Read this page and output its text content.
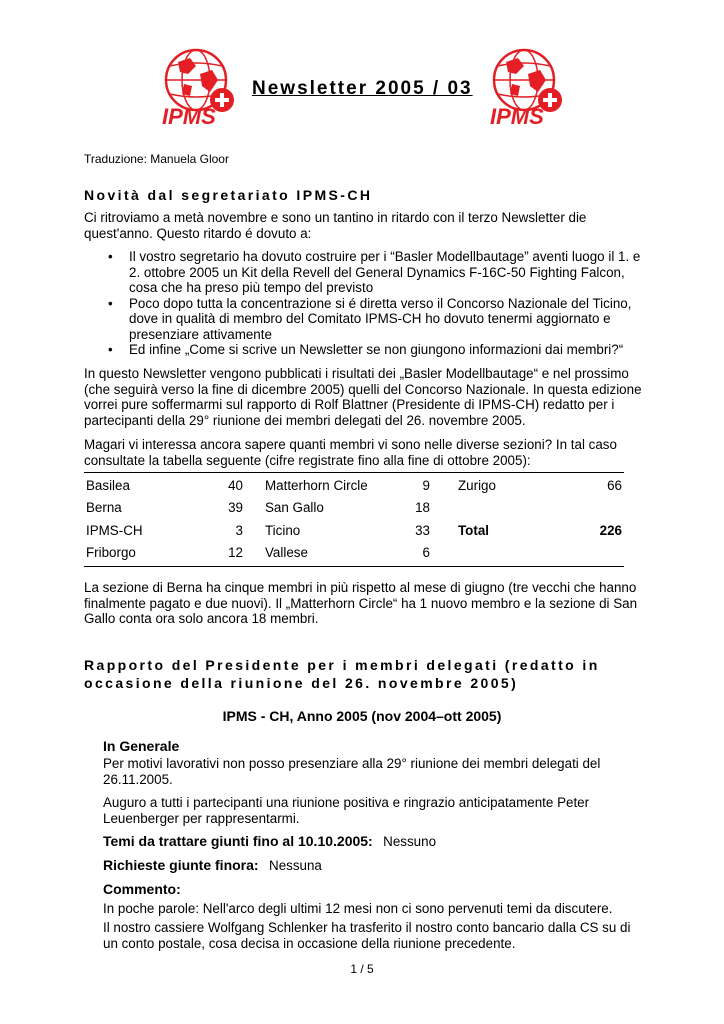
IPMS	IPMS
Newsletter 2005 / 03
Traduzione: Manuela Gloor
Novità dal segretariato IPMS-CH
Ci ritroviamo a metà novembre e sono un tantino in ritardo con il terzo Newsletter die quest'anno. Questo ritardo é dovuto a:
• Il vostro segretario ha dovuto costruire per i “Basler Modellbautage” aventi luogo il 1. e 2. ottobre 2005 un Kit della Revell del General Dynamics F-16C-50 Fighting Falcon, cosa che ha preso più tempo del previsto
• Poco dopo tutta la concentrazione si é diretta verso il Concorso Nazionale del Ticino, dove in qualità di membro del Comitato IPMS-CH ho dovuto tenermi aggiornato e presenziare attivamente
• Ed infine „Come si scrive un Newsletter se non giungono informazioni dai membri?“
In questo Newsletter vengono pubblicati i risultati dei „Basler Modellbautage“ e nel prossimo (che seguirà verso la fine di dicembre 2005) quelli del Concorso Nazionale. In questa edizione vorrei pure soffermarmi sul rapporto di Rolf Blattner (Presidente di IPMS-CH) redatto per i partecipanti della 29° riunione dei membri delegati del 26. novembre 2005.
Magari vi interessa ancora sapere quanti membri vi sono nelle diverse sezioni? In tal caso consultate la tabella seguente (cifre registrate fino alla fine di ottobre 2005):
Basilea	40		Matterhorn Circle	9		Zurigo	66
Berna	39		San Gallo	18			
IPMS-CH	3		Ticino	33		Total	226
Friborgo	12		Vallese	6			
La sezione di Berna ha cinque membri in più rispetto al mese di giugno (tre vecchi che hanno finalmente pagato e due nuovi). Il „Matterhorn Circle“ ha 1 nuovo membro e la sezione di San Gallo conta ora solo ancora 18 membri.
Rapporto del Presidente per i membri delegati (redatto in occasione della riunione del 26. novembre 2005)
IPMS - CH, Anno 2005 (nov 2004–ott 2005)
In Generale
Per motivi lavorativi non posso presenziare alla 29° riunione dei membri delegati del 26.11.2005.
Auguro a tutti i partecipanti una riunione positiva e ringrazio anticipatamente Peter Leuenberger per rappresentarmi.
Temi da trattare giunti fino al 10.10.2005: Nessuno
Richieste giunte finora: Nessuna
Commento:
In poche parole: Nell'arco degli ultimi 12 mesi non ci sono pervenuti temi da discutere.
Il nostro cassiere Wolfgang Schlenker ha trasferito il nostro conto bancario dalla CS su di un conto postale, cosa decisa in occasione della riunione precedente.
1 / 5
